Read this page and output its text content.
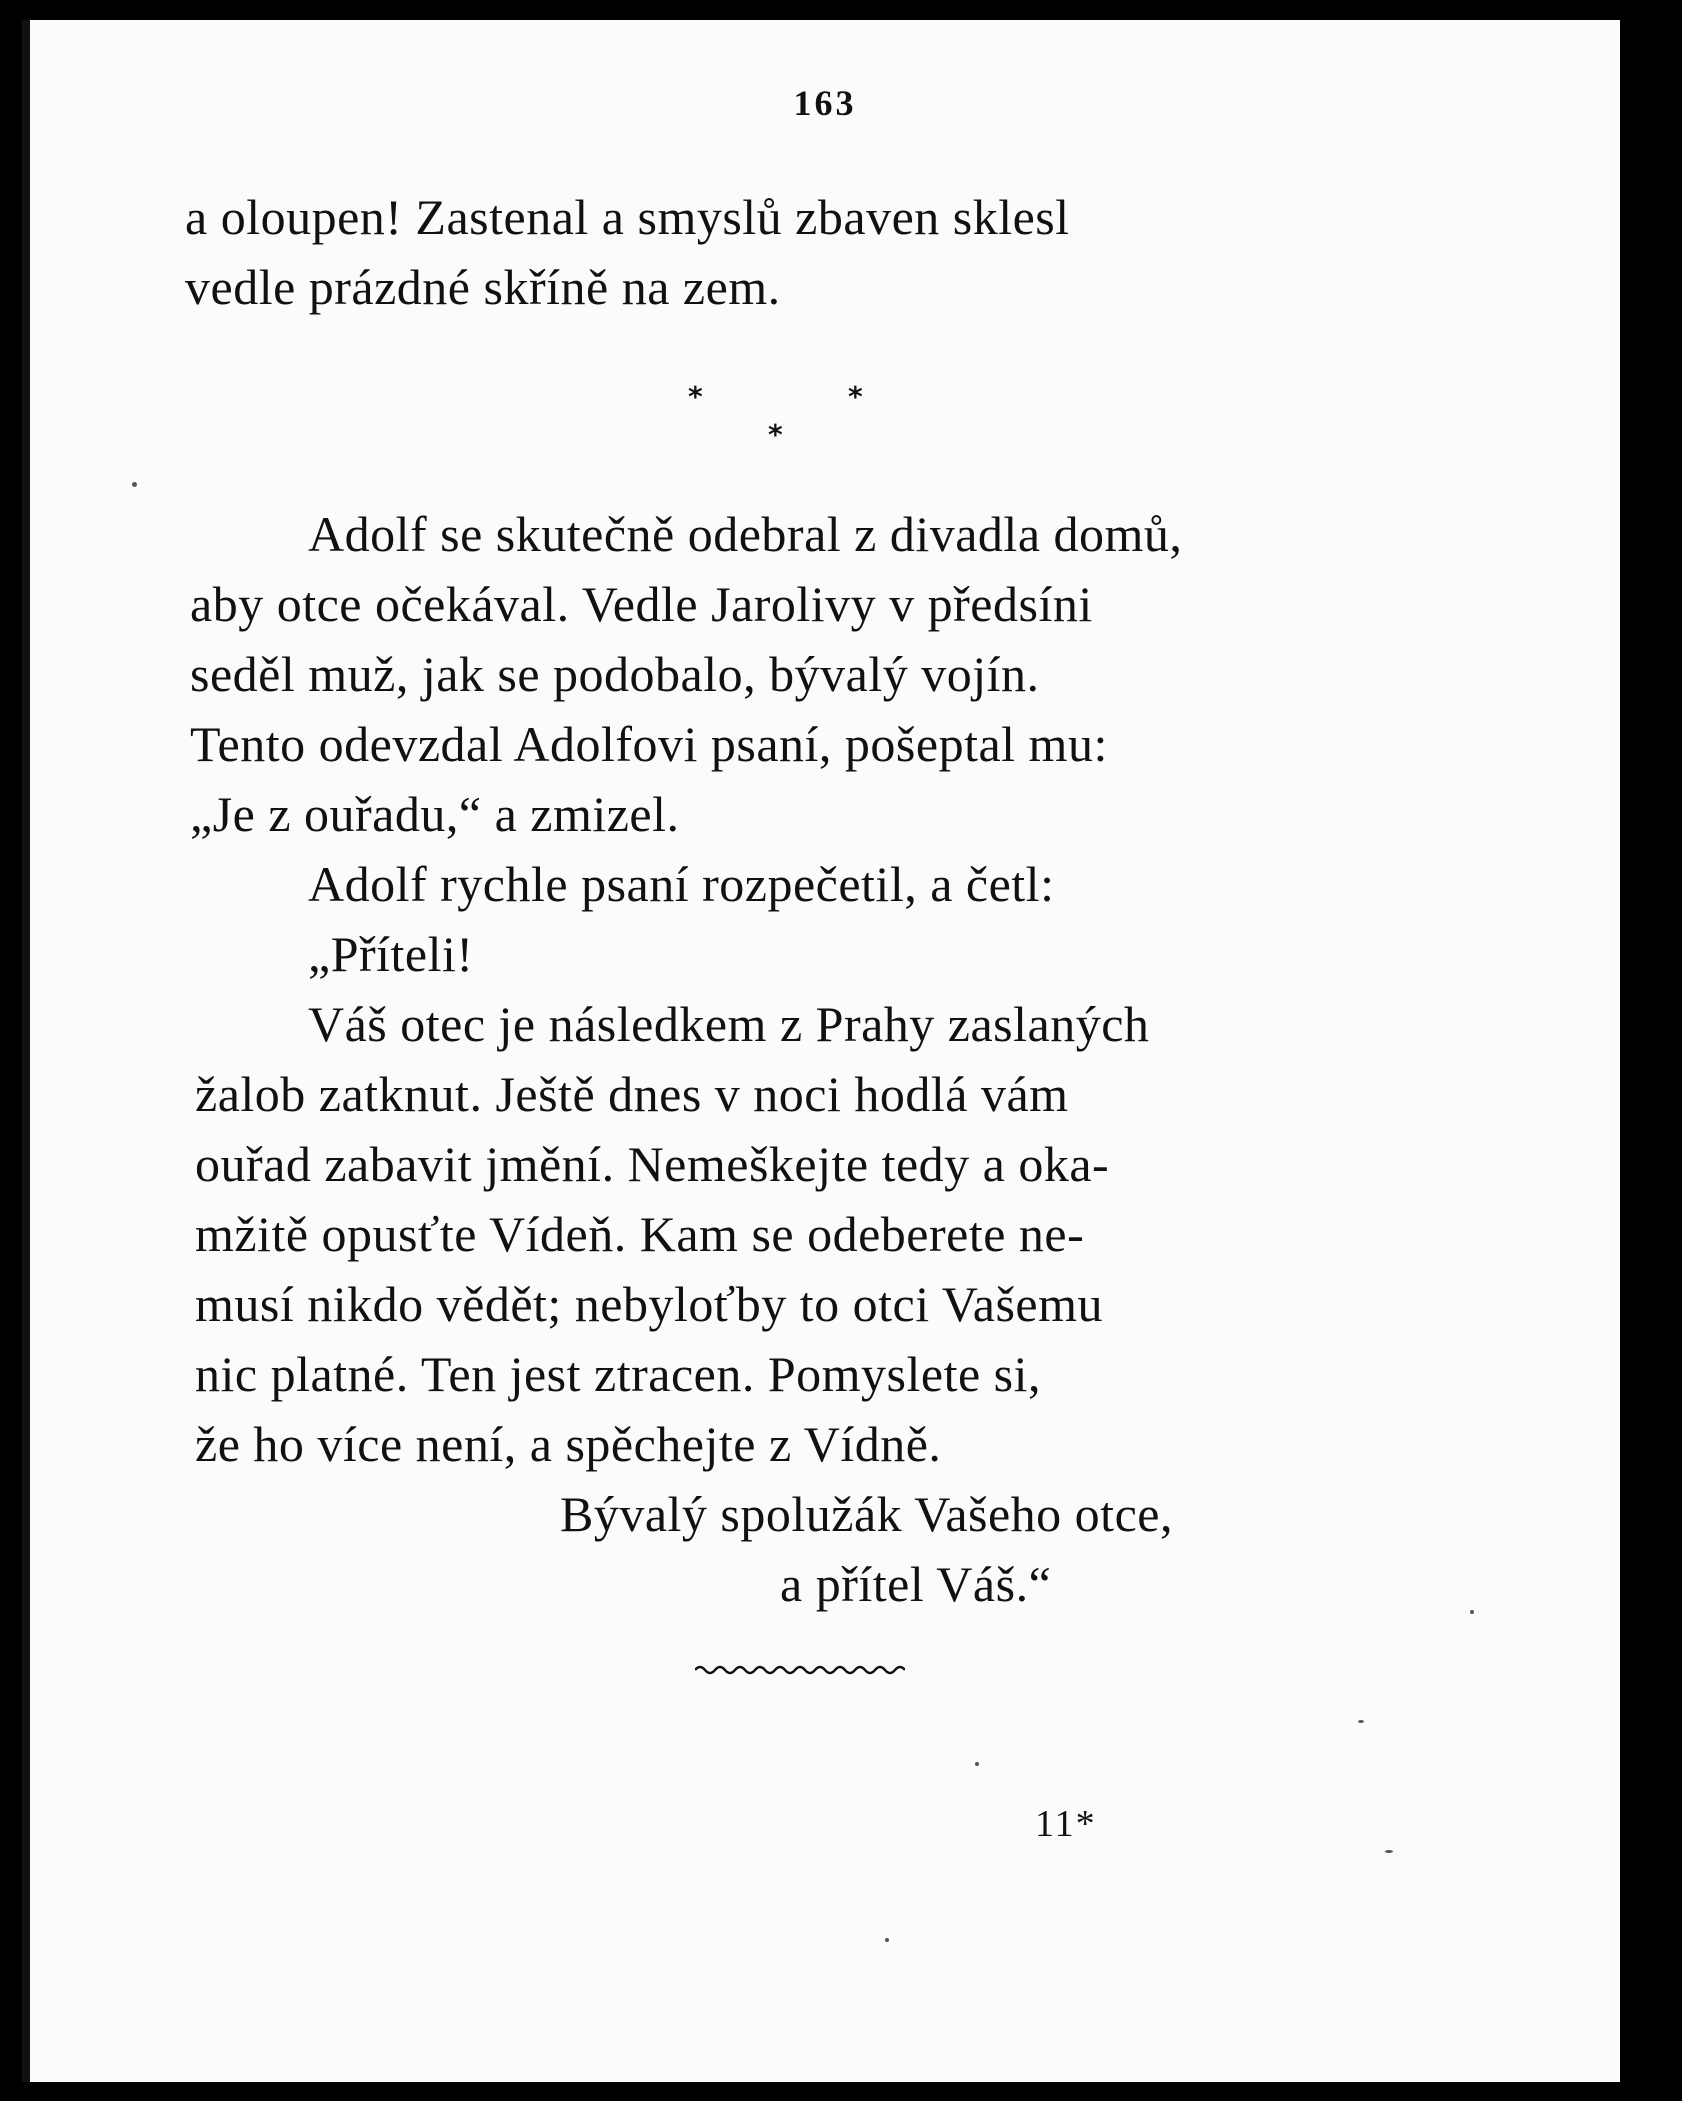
163
a oloupen! Zastenal a smyslů zbaven sklesl
vedle prázdné skříně na zem.
*	*
*
Adolf se skutečně odebral z divadla domů,
aby otce očekával. Vedle Jarolivy v předsíni
seděl muž, jak se podobalo, bývalý vojín.
Tento odevzdal Adolfovi psaní, pošeptal mu:
„Je z ouřadu,“ a zmizel.
Adolf rychle psaní rozpečetil, a četl:
„Příteli!
Váš otec je následkem z Prahy zaslaných
žalob zatknut. Ještě dnes v noci hodlá vám
ouřad zabavit jmění. Nemeškejte tedy a oka-
mžitě opusťte Vídeň. Kam se odeberete ne-
musí nikdo vědět; nebyloťby to otci Vašemu
nic platné. Ten jest ztracen. Pomyslete si,
že ho více není, a spěchejte z Vídně.
Bývalý spolužák Vašeho otce,
a přítel Váš.“
11*
